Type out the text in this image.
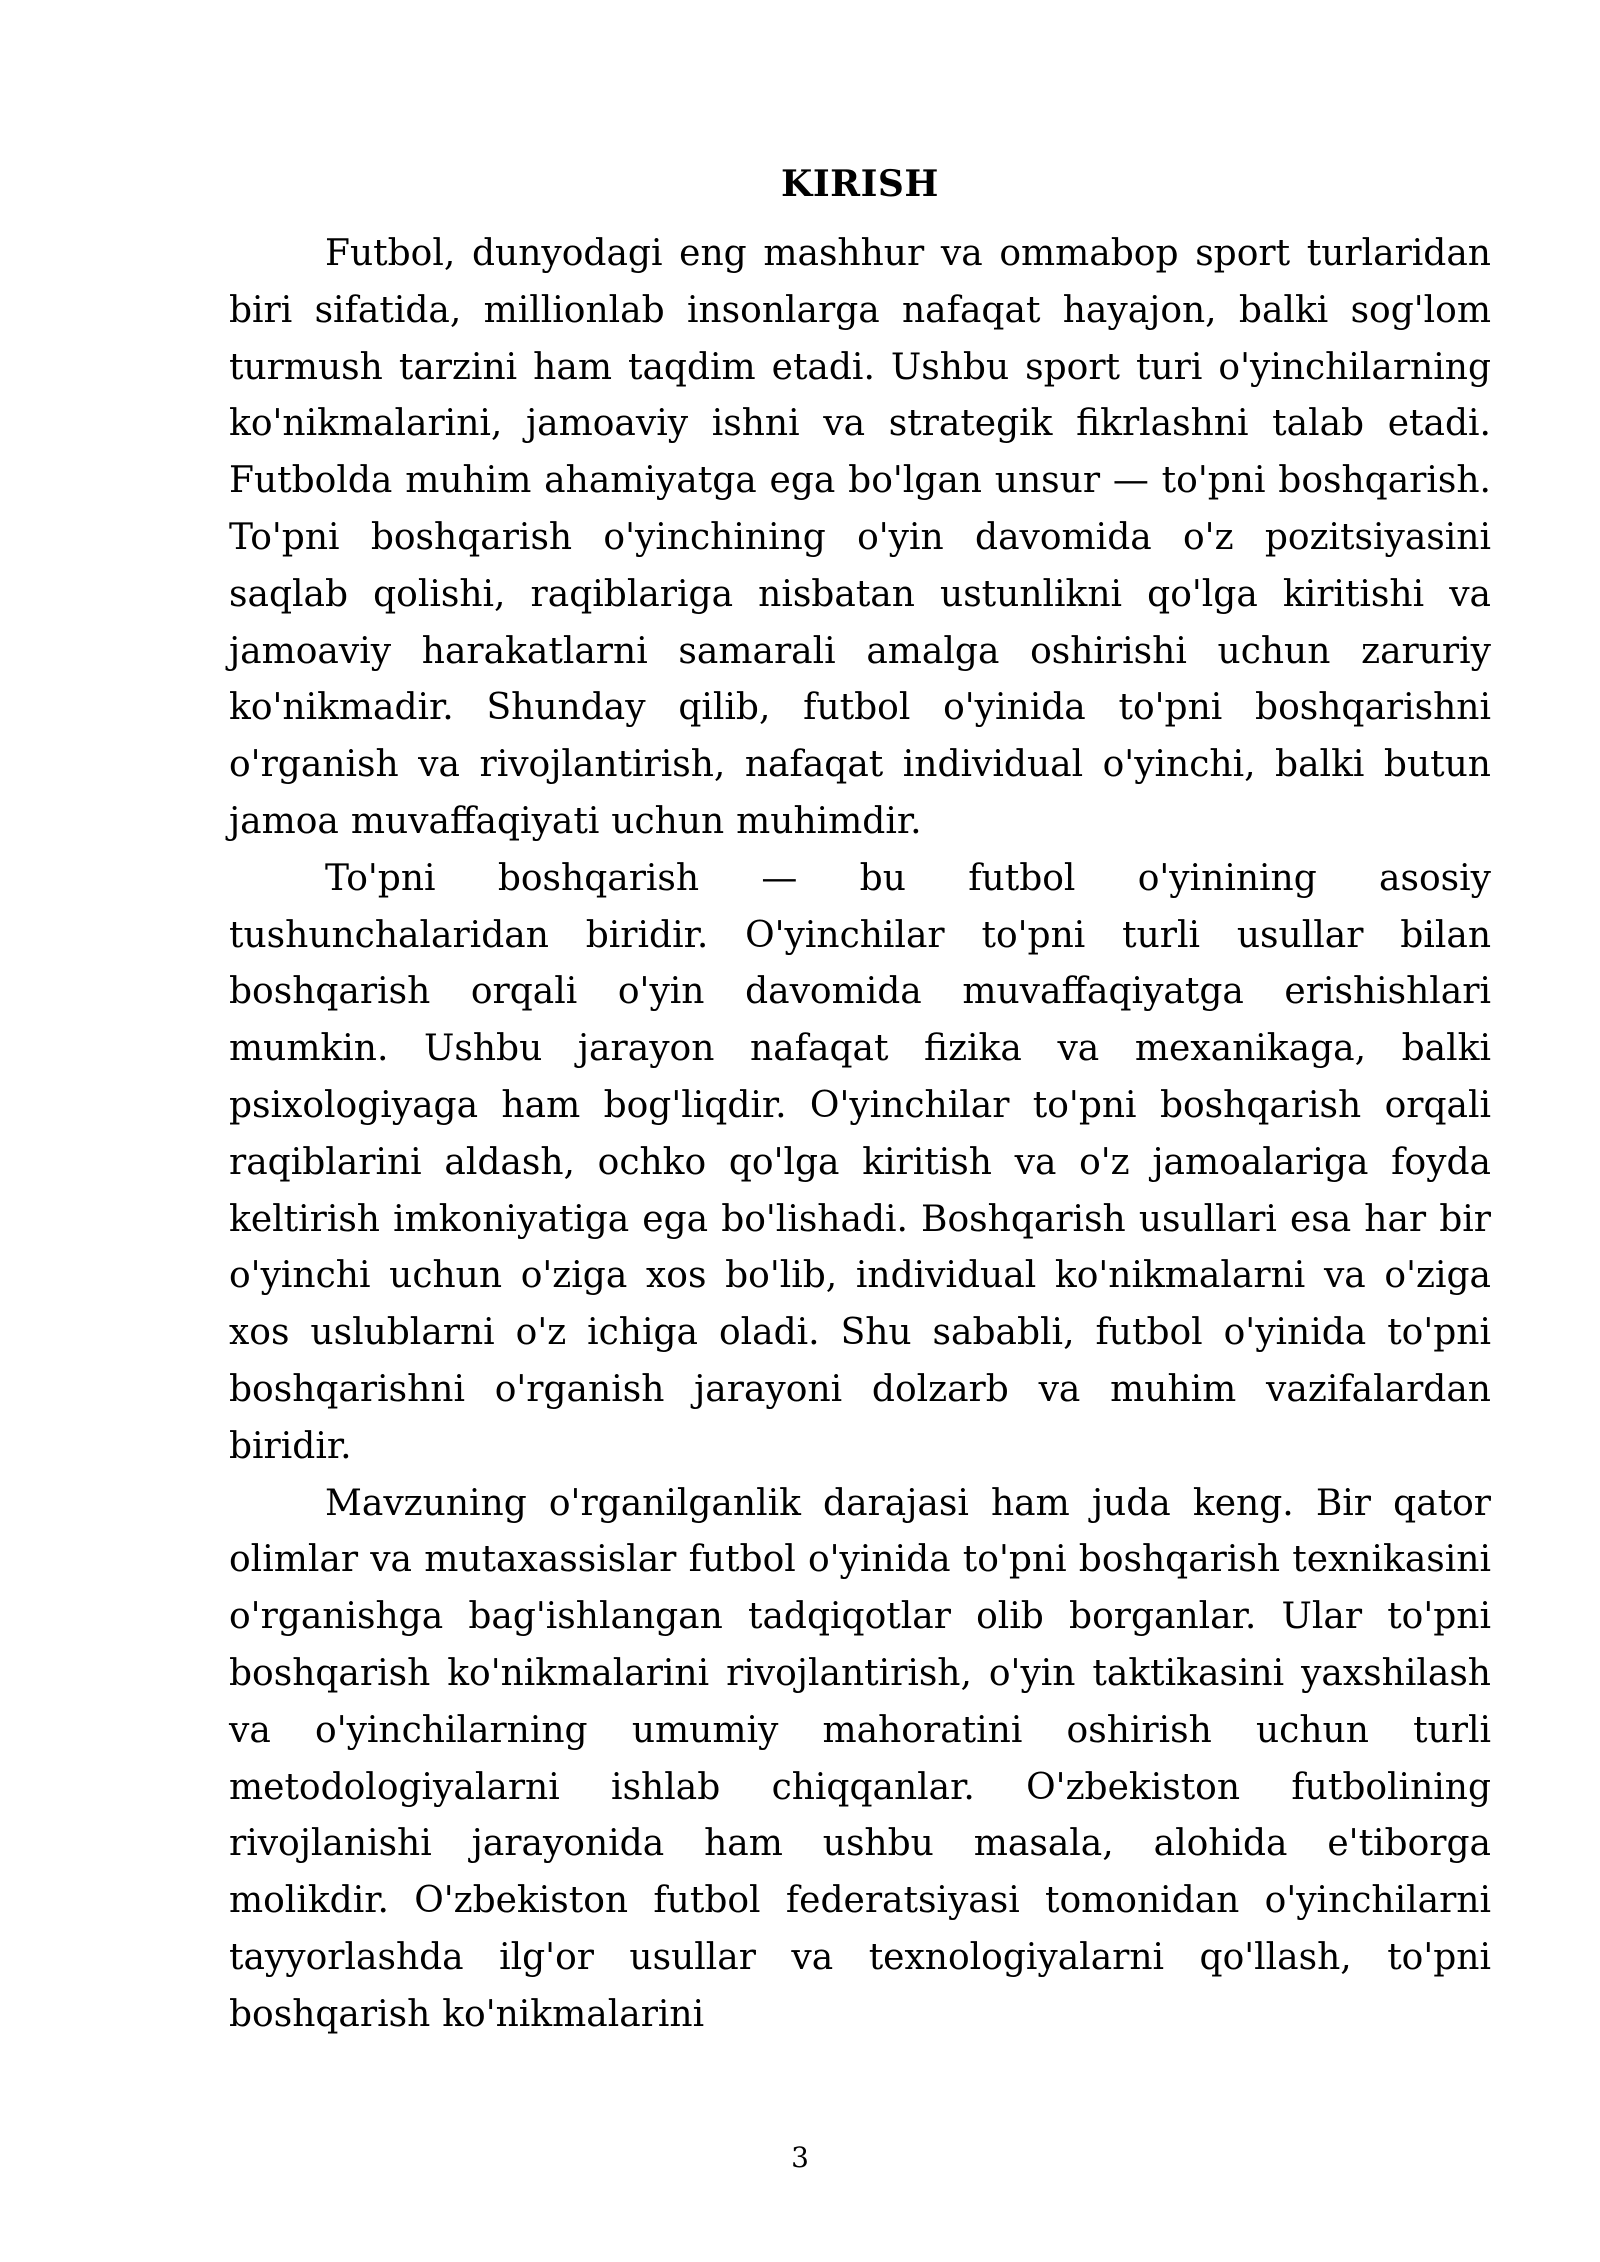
KIRISH

Futbol, dunyodagi eng mashhur va ommabop sport turlaridan biri sifatida, millionlab insonlarga nafaqat hayajon, balki sog'lom turmush tarzini ham taqdim etadi. Ushbu sport turi o'yinchilarning ko'nikmalarini, jamoaviy ishni va strategik fikrlashni talab etadi. Futbolda muhim ahamiyatga ega bo'lgan unsur — to'pni boshqarish. To'pni boshqarish o'yinchining o'yin davomida o'z pozitsiyasini saqlab qolishi, raqiblariga nisbatan ustunlikni qo'lga kiritishi va jamoaviy harakatlarni samarali amalga oshirishi uchun zaruriy ko'nikmadir. Shunday qilib, futbol o'yinida to'pni boshqarishni o'rganish va rivojlantirish, nafaqat individual o'yinchi, balki butun jamoa muvaffaqiyati uchun muhimdir.

To'pni boshqarish — bu futbol o'yinining asosiy tushunchalaridan biridir. O'yinchilar to'pni turli usullar bilan boshqarish orqali o'yin davomida muvaffaqiyatga erishishlari mumkin. Ushbu jarayon nafaqat fizika va mexanikaga, balki psixologiyaga ham bog'liqdir. O'yinchilar to'pni boshqarish orqali raqiblarini aldash, ochko qo'lga kiritish va o'z jamoalariga foyda keltirish imkoniyatiga ega bo'lishadi. Boshqarish usullari esa har bir o'yinchi uchun o'ziga xos bo'lib, individual ko'nikmalarni va o'ziga xos uslublarni o'z ichiga oladi. Shu sababli, futbol o'yinida to'pni boshqarishni o'rganish jarayoni dolzarb va muhim vazifalardan biridir.

Mavzuning o'rganilganlik darajasi ham juda keng. Bir qator olimlar va mutaxassislar futbol o'yinida to'pni boshqarish texnikasini o'rganishga bag'ishlangan tadqiqotlar olib borganlar. Ular to'pni boshqarish ko'nikmalarini rivojlantirish, o'yin taktikasini yaxshilash va o'yinchilarning umumiy mahoratini oshirish uchun turli metodologiyalarni ishlab chiqqanlar. O'zbekiston futbolining rivojlanishi jarayonida ham ushbu masala, alohida e'tiborga molikdir. O'zbekiston futbol federatsiyasi tomonidan o'yinchilarni tayyorlashda ilg'or usullar va texnologiyalarni qo'llash, to'pni boshqarish ko'nikmalarini

3
